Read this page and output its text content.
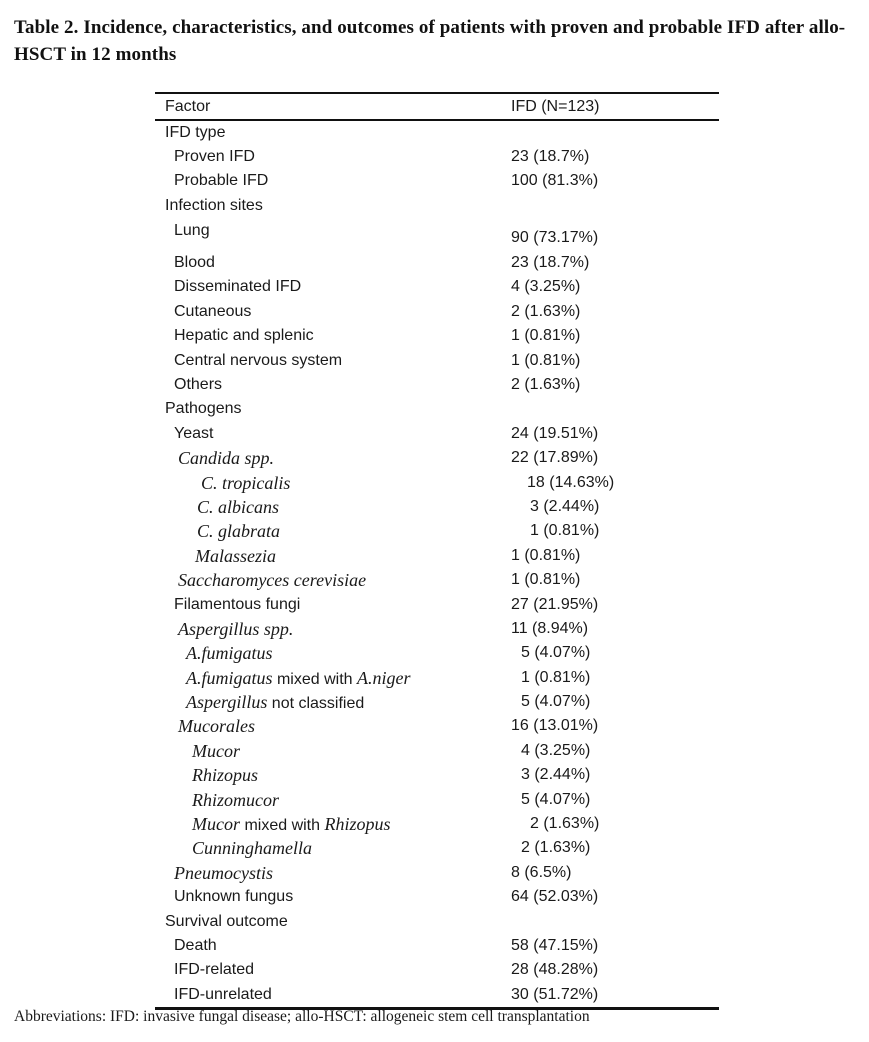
Table 2. Incidence, characteristics, and outcomes of patients with proven and probable IFD after allo-HSCT in 12 months
Factor	IFD (N=123)
IFD type
Proven IFD	23 (18.7%)
Probable IFD	100 (81.3%)
Infection sites
Lung	90 (73.17%)
Blood	23 (18.7%)
Disseminated IFD	4 (3.25%)
Cutaneous	2 (1.63%)
Hepatic and splenic	1 (0.81%)
Central nervous system	1 (0.81%)
Others	2 (1.63%)
Pathogens
Yeast	24 (19.51%)
Candida spp.	22 (17.89%)
C. tropicalis	18 (14.63%)
C. albicans	3 (2.44%)
C. glabrata	1 (0.81%)
Malassezia	1 (0.81%)
Saccharomyces cerevisiae	1 (0.81%)
Filamentous fungi	27 (21.95%)
Aspergillus spp.	11 (8.94%)
A.fumigatus	5 (4.07%)
A.fumigatus mixed with A.niger	1 (0.81%)
Aspergillus not classified	5 (4.07%)
Mucorales	16 (13.01%)
Mucor	4 (3.25%)
Rhizopus	3 (2.44%)
Rhizomucor	5 (4.07%)
Mucor mixed with Rhizopus	2 (1.63%)
Cunninghamella	2 (1.63%)
Pneumocystis	8 (6.5%)
Unknown fungus	64 (52.03%)
Survival outcome
Death	58 (47.15%)
IFD-related	28 (48.28%)
IFD-unrelated	30 (51.72%)
Abbreviations: IFD: invasive fungal disease; allo-HSCT: allogeneic stem cell transplantation
